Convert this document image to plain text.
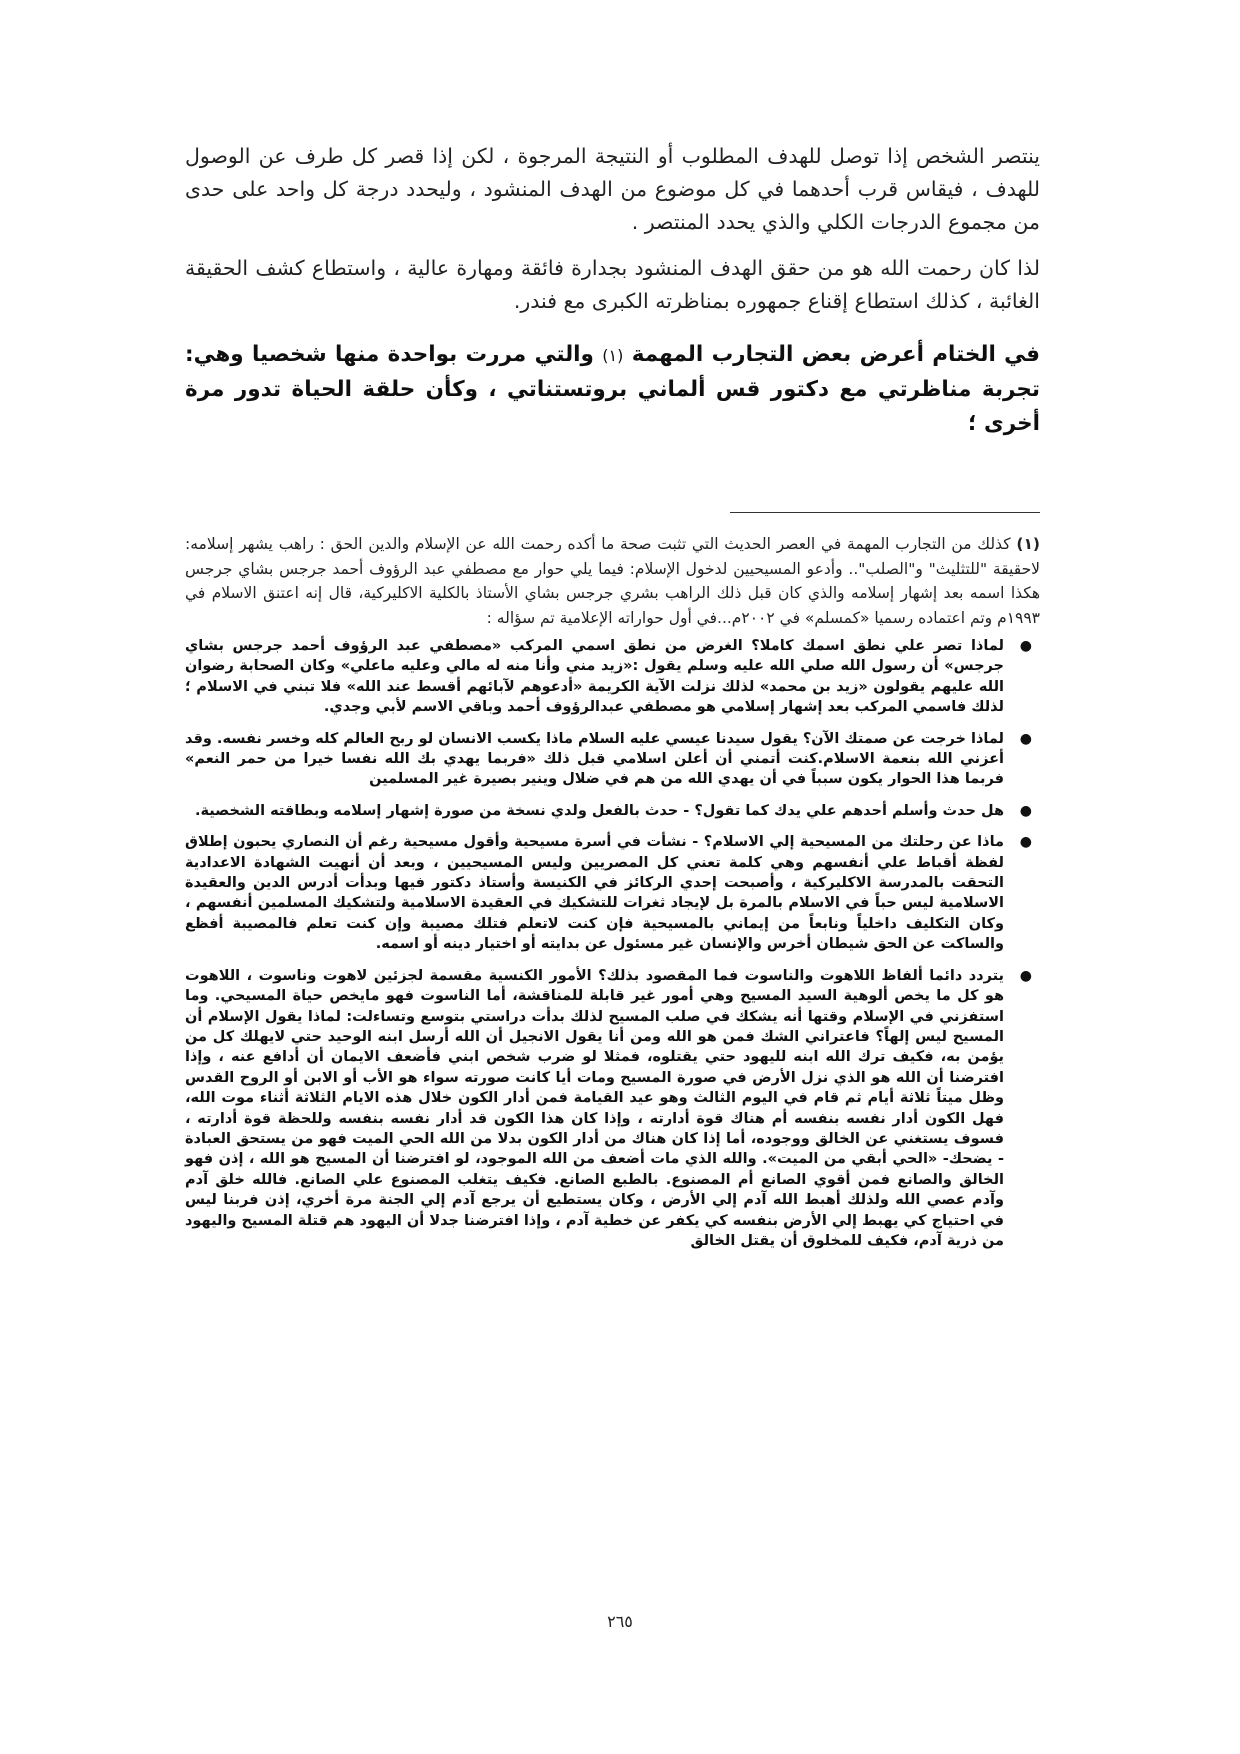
ينتصر الشخص إذا توصل للهدف المطلوب أو النتيجة المرجوة ، لكن إذا قصر كل طرف عن الوصول للهدف ، فيقاس قرب أحدهما في كل موضوع من الهدف المنشود ، وليحدد درجة كل واحد على حدى من مجموع الدرجات الكلي والذي يحدد المنتصر .

لذا كان رحمت الله هو من حقق الهدف المنشود بجدارة فائقة ومهارة عالية ، واستطاع كشف الحقيقة الغائبة ، كذلك استطاع إقناع جمهوره بمناظرته الكبرى مع فندر.

في الختام أعرض بعض التجارب المهمة (١) والتي مررت بواحدة منها شخصيا وهي: تجربة مناظرتي مع دكتور قس ألماني بروتستناتي ، وكأن حلقة الحياة تدور مرة أخرى ؛

(١) كذلك من التجارب المهمة في العصر الحديث التي تثبت صحة ما أكده رحمت الله عن الإسلام والدين الحق : راهب يشهر إسلامه: لاحقيقة "للتثليث" و"الصلب".. وأدعو المسيحيين لدخول الإسلام: فيما يلي حوار مع مصطفي عبد الرؤوف أحمد جرجس بشاي جرجس هكذا اسمه بعد إشهار إسلامه والذي كان قبل ذلك الراهب بشري جرجس بشاي الأستاذ بالكلية الاكليركية، قال إنه اعتنق الاسلام في ١٩٩٣م وتم اعتماده رسميا «كمسلم» في ٢٠٠٢م...في أول حواراته الإعلامية تم سؤاله :

●
لماذا تصر علي نطق اسمك كاملا؟ الغرض من نطق اسمي المركب «مصطفي عبد الرؤوف أحمد جرجس بشاي جرجس» أن رسول الله صلي الله عليه وسلم يقول :«زيد مني وأنا منه له مالي وعليه ماعلي» وكان الصحابة رضوان الله عليهم يقولون «زيد بن محمد» لذلك نزلت الآية الكريمة «أدعوهم لآبائهم أقسط عند الله» فلا تبني في الاسلام ؛ لذلك فاسمي المركب بعد إشهار إسلامي هو مصطفي عبدالرؤوف أحمد وباقي الاسم لأبي وجدي.
●
لماذا خرجت عن صمتك الآن؟ يقول سيدنا عيسي عليه السلام ماذا يكسب الانسان لو ربح العالم كله وخسر نفسه. وقد أعزني الله بنعمة الاسلام.كنت أتمني أن أعلن اسلامي قبل ذلك «فربما يهدي بك الله نفسا خيرا من حمر النعم» فربما هذا الحوار يكون سبباً في أن يهدي الله من هم في ضلال وينير بصيرة غير المسلمين
●
هل حدث وأسلم أحدهم علي يدك كما تقول؟ - حدث بالفعل ولدي نسخة من صورة إشهار إسلامه وبطاقته الشخصية.
●
ماذا عن رحلتك من المسيحية إلي الاسلام؟ - نشأت في أسرة مسيحية وأقول مسيحية رغم أن النصاري يحبون إطلاق لفظة أقباط علي أنفسهم وهي كلمة تعني كل المصريين وليس المسيحيين ، وبعد أن أنهيت الشهادة الاعدادية التحقت بالمدرسة الاكليركية ، وأصبحت إحدي الركائز في الكنيسة وأستاذ دكتور فيها وبدأت أدرس الدين والعقيدة الاسلامية ليس حباً في الاسلام بالمرة بل لإيجاد ثغرات للتشكيك في العقيدة الاسلامية ولتشكيك المسلمين أنفسهم ، وكان التكليف داخلياً ونابعاً من إيماني بالمسيحية فإن كنت لاتعلم فتلك مصيبة وإن كنت تعلم فالمصيبة أفظع والساكت عن الحق شيطان أخرس والإنسان غير مسئول عن بدايته أو اختيار دينه أو اسمه.
●
يتردد دائما ألفاظ اللاهوت والناسوت فما المقصود بذلك؟ الأمور الكنسية مقسمة لجزئين لاهوت وناسوت ، اللاهوت هو كل ما يخص ألوهية السيد المسيح وهي أمور غير قابلة للمناقشة، أما الناسوت فهو مايخص حياة المسيحي. وما استفزني في الإسلام وقتها أنه يشكك في صلب المسيح لذلك بدأت دراستي بتوسع وتساءلت: لماذا يقول الإسلام أن المسيح ليس إلهاً؟ فاعتراني الشك فمن هو الله ومن أنا يقول الانجيل أن الله أرسل ابنه الوحيد حتي لايهلك كل من يؤمن به، فكيف ترك الله ابنه لليهود حتي يقتلوه، فمثلا لو ضرب شخص ابني فأضعف الايمان أن أدافع عنه ، وإذا افترضنا أن الله هو الذي نزل الأرض في صورة المسيح ومات أيا كانت صورته سواء هو الأب أو الابن أو الروح القدس وظل ميتاً ثلاثة أيام ثم قام في اليوم الثالث وهو عيد القيامة فمن أدار الكون خلال هذه الايام الثلاثة أثناء موت الله، فهل الكون أدار نفسه بنفسه أم هناك قوة أدارته ، وإذا كان هذا الكون قد أدار نفسه بنفسه وللحظة قوة أدارته ، فسوف يستغني عن الخالق ووجوده، أما إذا كان هناك من أدار الكون بدلا من الله الحي الميت فهو من يستحق العبادة - يضحك- «الحي أبقي من الميت». والله الذي مات أضعف من الله الموجود، لو افترضنا أن المسيح هو الله ، إذن فهو الخالق والصانع فمن أقوي الصانع أم المصنوع. بالطبع الصانع. فكيف يتغلب المصنوع علي الصانع. فالله خلق آدم وآدم عصي الله ولذلك أهبط الله آدم إلي الأرض ، وكان يستطيع أن يرجع آدم إلي الجنة مرة أخري، إذن فربنا ليس في احتياج كي يهبط إلي الأرض بنفسه كي يكفر عن خطية آدم ، وإذا افترضنا جدلا أن اليهود هم قتلة المسيح واليهود من ذرية آدم، فكيف للمخلوق أن يقتل الخالق
٢٦٥
